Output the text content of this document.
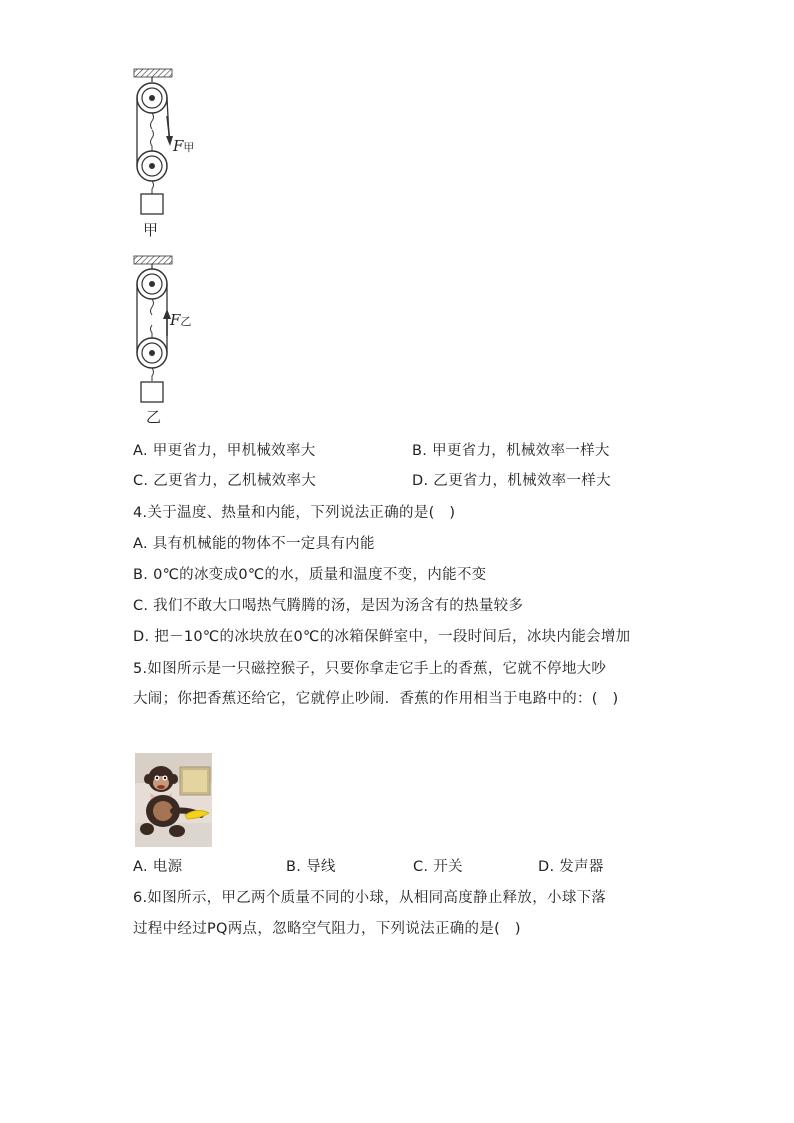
F甲
甲
F乙
乙
A. 甲更省力，甲机械效率大	B. 甲更省力，机械效率一样大
C. 乙更省力，乙机械效率大	D. 乙更省力，机械效率一样大
4.关于温度、热量和内能，下列说法正确的是(　)
A. 具有机械能的物体不一定具有内能
B. 0℃的冰变成0℃的水，质量和温度不变，内能不变
C. 我们不敢大口喝热气腾腾的汤，是因为汤含有的热量较多
D. 把－10℃的冰块放在0℃的冰箱保鲜室中，一段时间后，冰块内能会增加
5.如图所示是一只磁控猴子，只要你拿走它手上的香蕉，它就不停地大吵
大闹；你把香蕉还给它，它就停止吵闹．香蕉的作用相当于电路中的：(　)
A. 电源	B. 导线	C. 开关	D. 发声器
6.如图所示，甲乙两个质量不同的小球，从相同高度静止释放，小球下落
过程中经过PQ两点，忽略空气阻力，下列说法正确的是(　)
